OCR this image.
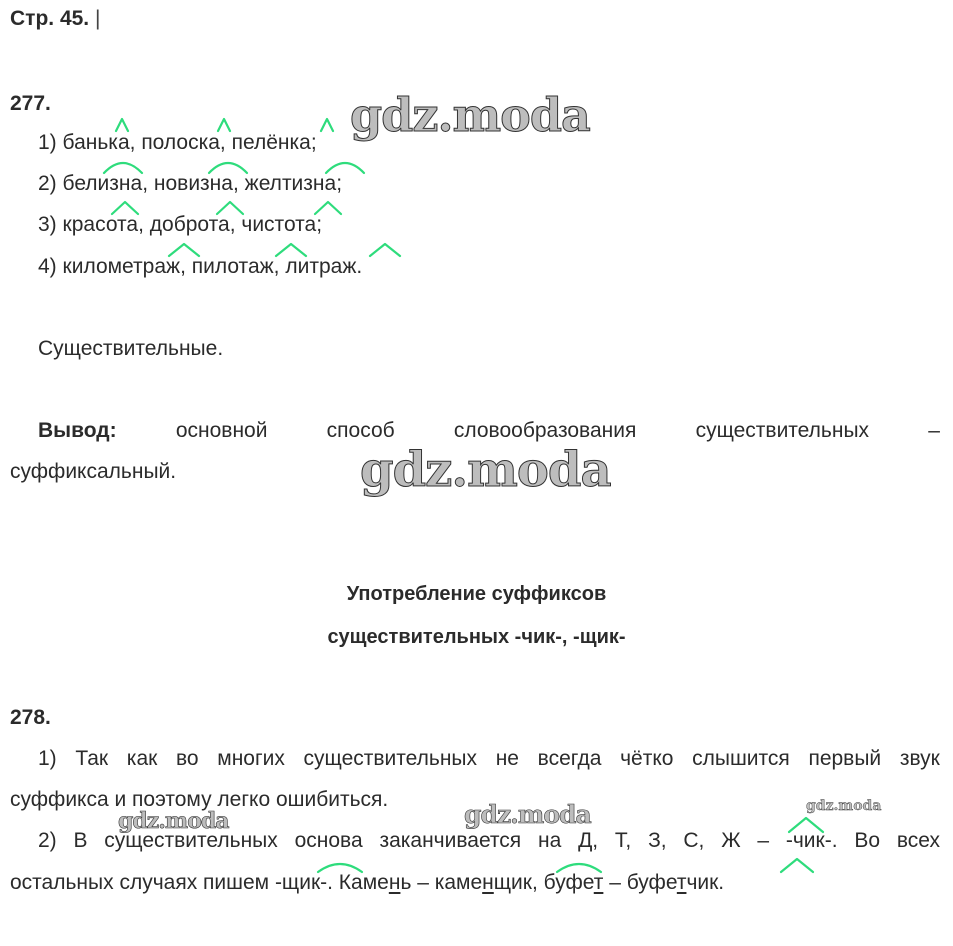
Стр. 45. |
277.
1) банька, полоска, пелёнка;
2) белизна, новизна, желтизна;
3) красота, доброта, чистота;
4) километраж, пилотаж, литраж.
Существительные.
Вывод:	основной	способ	словообразования	существительных	–
суффиксальный.
Употребление суффиксов
существительных -чик-, -щик-
278.
1) Так как во многих существительных не всегда чётко слышится первый звук
суффикса и поэтому легко ошибиться.
2) В существительных основа заканчивается на Д, Т, З, С, Ж – -чик-. Во всех
остальных случаях пишем -щик-. Камень – каменщик, буфет – буфетчик.
gdz.moda
gdz.moda
gdz.moda
gdz.moda
gdz.moda
